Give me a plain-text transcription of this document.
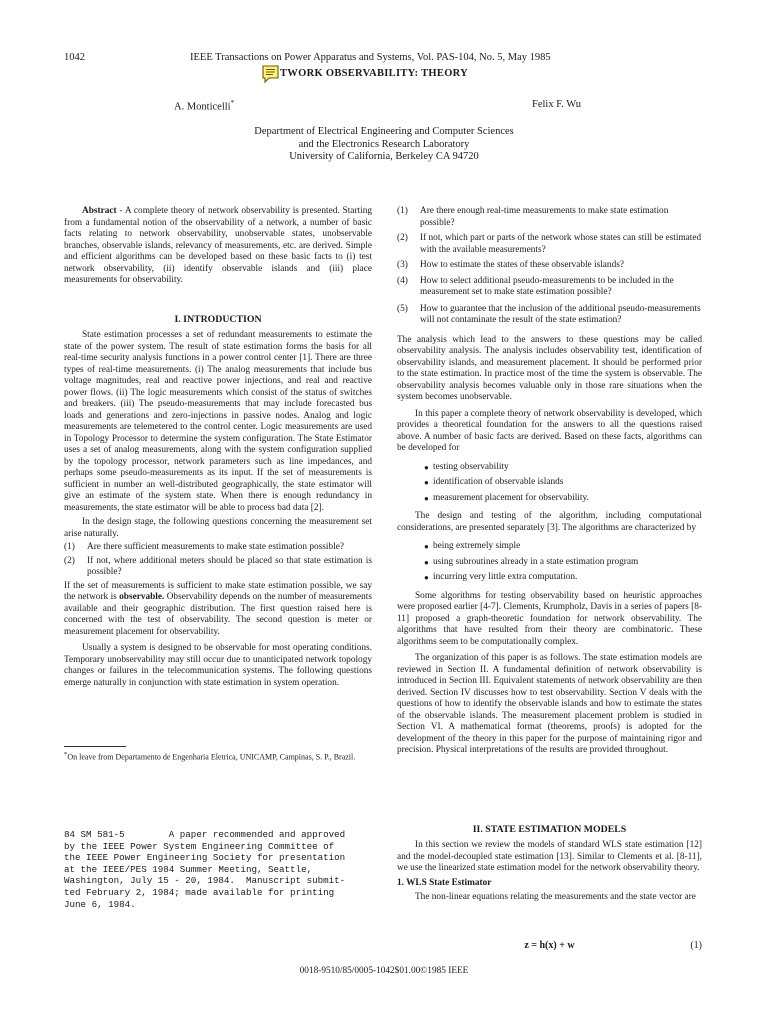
1042	IEEE Transactions on Power Apparatus and Systems, Vol. PAS-104, No. 5, May 1985
TWORK OBSERVABILITY: THEORY
A. Monticelli*	Felix F. Wu
Department of Electrical Engineering and Computer Sciences
and the Electronics Research Laboratory
University of California, Berkeley CA 94720

Abstract - A complete theory of network observability is presented. Starting from a fundamental notion of the observability of a network, a number of basic facts relating to network observability, unobservable states, unobservable branches, observable islands, relevancy of measurements, etc. are derived. Simple and efficient algorithms can be developed based on these basic facts to (i) test network observability, (ii) identify observable islands and (iii) place measurements for observability.

I. INTRODUCTION

State estimation processes a set of redundant measurements to estimate the state of the power system. The result of state estimation forms the basis for all real-time security analysis functions in a power control center [1]. There are three types of real-time measurements. (i) The analog measurements that include bus voltage magnitudes, real and reactive power injections, and real and reactive power flows. (ii) The logic measurements which consist of the status of switches and breakers. (iii) The pseudo-measurements that may include forecasted bus loads and generations and zero-injections in passive nodes. Analog and logic measurements are telemetered to the control center. Logic measurements are used in Topology Processor to determine the system configuration. The State Estimator uses a set of analog measurements, along with the system configuration supplied by the topology processor, network parameters such as line impedances, and perhaps some pseudo-measurements as its input. If the set of measurements is sufficient in number an well-distributed geographically, the state estimator will give an estimate of the system state. When there is enough redundancy in measurements, the state estimator will be able to process bad data [2].

In the design stage, the following questions concerning the measurement set arise naturally.

(1) Are there sufficient measurements to make state estimation possible?
(2) If not, where additional meters should be placed so that state estimation is possible?

If the set of measurements is sufficient to make state estimation possible, we say the network is observable. Observability depends on the number of measurements available and their geographic distribution. The first question raised here is concerned with the test of observability. The second question is meter or measurement placement for observability.

Usually a system is designed to be observable for most operating conditions. Temporary unobservability may still occur due to unanticipated network topology changes or failures in the telecommunication systems. The following questions emerge naturally in conjunction with state estimation in system operation.

*On leave from Departamento de Engenharia Eletrica, UNICAMP, Campinas, S. P., Brazil.
84 SM 581-5        A paper recommended and approved
by the IEEE Power System Engineering Committee of
the IEEE Power Engineering Society for presentation
at the IEEE/PES 1984 Summer Meeting, Seattle,
Washington, July 15 - 20, 1984.  Manuscript submit-
ted February 2, 1984; made available for printing
June 6, 1984.
(1) Are there enough real-time measurements to make state estimation possible?
(2) If not, which part or parts of the network whose states can still be estimated with the available measurements?
(3) How to estimate the states of these observable islands?
(4) How to select additional pseudo-measurements to be included in the measurement set to make state estimation possible?
(5) How to guarantee that the inclusion of the additional pseudo-measurements will not contaminate the result of the state estimation?

The analysis which lead to the answers to these questions may be called observability analysis. The analysis includes observability test, identification of observability islands, and measurement placement. It should be performed prior to the state estimation. In practice most of the time the system is observable. The observability analysis becomes valuable only in those rare situations when the system becomes unobservable.

In this paper a complete theory of network observability is developed, which provides a theoretical foundation for the answers to all the questions raised above. A number of basic facts are derived. Based on these facts, algorithms can be developed for

● testing observability
● identification of observable islands
● measurement placement for observability.

The design and testing of the algorithm, including computational considerations, are presented separately [3]. The algorithms are characterized by

● being extremely simple
● using subroutines already in a state estimation program
● incurring very little extra computation.

Some algorithms for testing observability based on heuristic approaches were proposed earlier [4-7]. Clements, Krumpholz, Davis in a series of papers [8-11] proposed a graph-theoretic foundation for network observability. The algorithms that have resulted from their theory are combinatoric. These algorithms seem to be computationally complex.

The organization of this paper is as follows. The state estimation models are reviewed in Section II. A fundamental definition of network observability is introduced in Section III. Equivalent statements of network observability are then derived. Section IV discusses how to test observability. Section V deals with the questions of how to identify the observable islands and how to estimate the states of the observable islands. The measurement placement problem is studied in Section VI. A mathematical format (theorems, proofs) is adopted for the development of the theory in this paper for the purpose of maintaining rigor and precision. Physical interpretations of the results are provided throughout.

II. STATE ESTIMATION MODELS

In this section we review the models of standard WLS state estimation [12] and the model-decoupled state estimation [13]. Similar to Clements et al. [8-11], we use the linearized state estimation model for the network observability theory.

1. WLS State Estimator

The non-linear equations relating the measurements and the state vector are

z = h(x) + w	(1)
0018-9510/85/0005-1042$01.00©1985 IEEE
